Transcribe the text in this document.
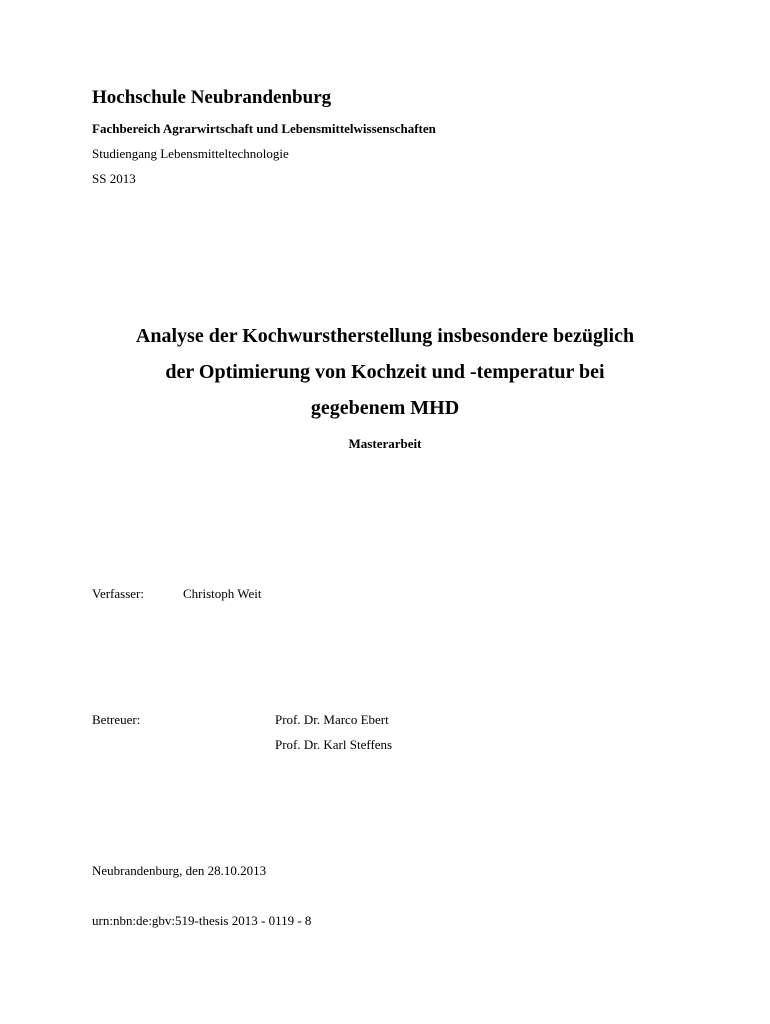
Hochschule Neubrandenburg
Fachbereich Agrarwirtschaft und Lebensmittelwissenschaften
Studiengang Lebensmitteltechnologie
SS 2013
Analyse der Kochwurstherstellung insbesondere bezüglich
der Optimierung von Kochzeit und -temperatur bei
gegebenem MHD
Masterarbeit
Verfasser:	Christoph Weit
Betreuer:	Prof. Dr. Marco Ebert
Prof. Dr. Karl Steffens
Neubrandenburg, den 28.10.2013
urn:nbn:de:gbv:519-thesis 2013 - 0119 - 8
